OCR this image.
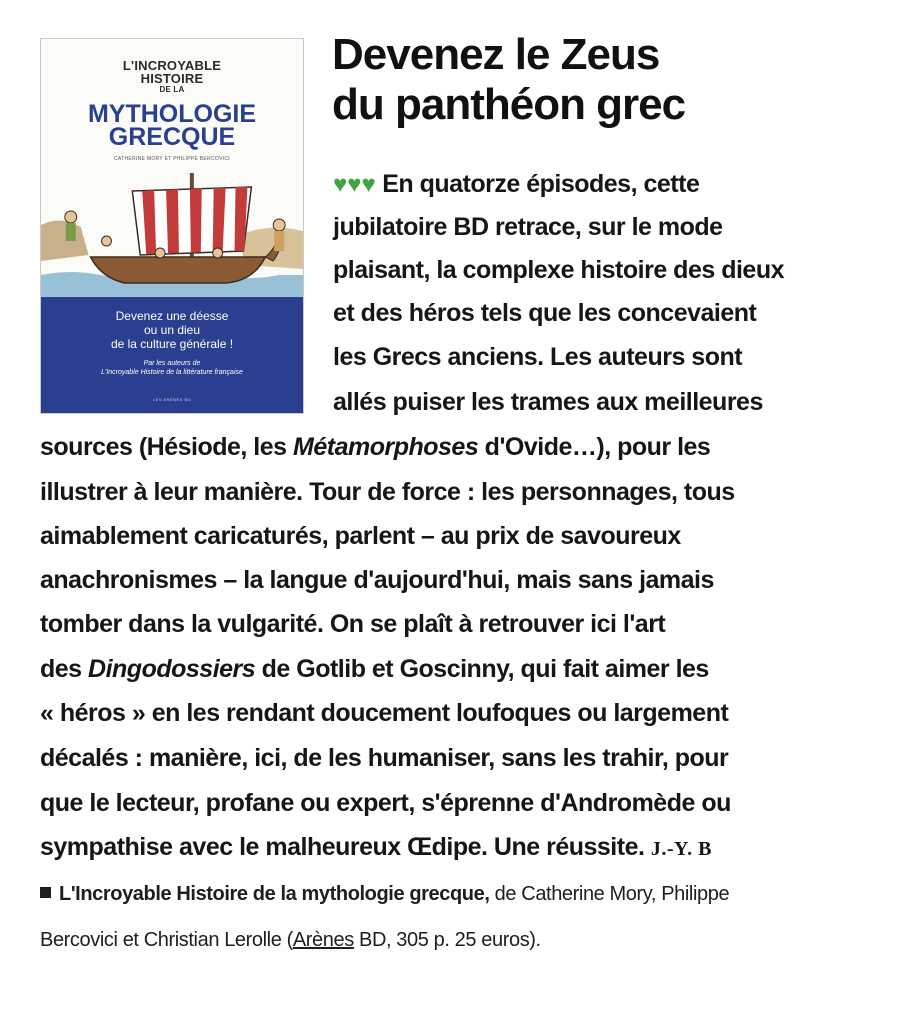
L'INCROYABLE
HISTOIRE
DE LA
MYTHOLOGIE
GRECQUE
CATHERINE MORY ET PHILIPPE BERCOVICI
Devenez une déesse
ou un dieu
de la culture générale !
Par les auteurs de
L'Incroyable Histoire de la littérature française
LES ARÈNES BD
Devenez le Zeus
du panthéon grec
♥♥♥ En quatorze épisodes, cette
jubilatoire BD retrace, sur le mode
plaisant, la complexe histoire des dieux
et des héros tels que les concevaient
les Grecs anciens. Les auteurs sont
allés puiser les trames aux meilleures
sources (Hésiode, les Métamorphoses d'Ovide…), pour les
illustrer à leur manière. Tour de force : les personnages, tous
aimablement caricaturés, parlent – au prix de savoureux
anachronismes – la langue d'aujourd'hui, mais sans jamais
tomber dans la vulgarité. On se plaît à retrouver ici l'art
des Dingodossiers de Gotlib et Goscinny, qui fait aimer les
« héros » en les rendant doucement loufoques ou largement
décalés : manière, ici, de les humaniser, sans les trahir, pour
que le lecteur, profane ou expert, s'éprenne d'Andromède ou
sympathise avec le malheureux Œdipe. Une réussite. J.-Y. B
L'Incroyable Histoire de la mythologie grecque, de Catherine Mory, Philippe
Bercovici et Christian Lerolle (Arènes BD, 305 p. 25 euros).
